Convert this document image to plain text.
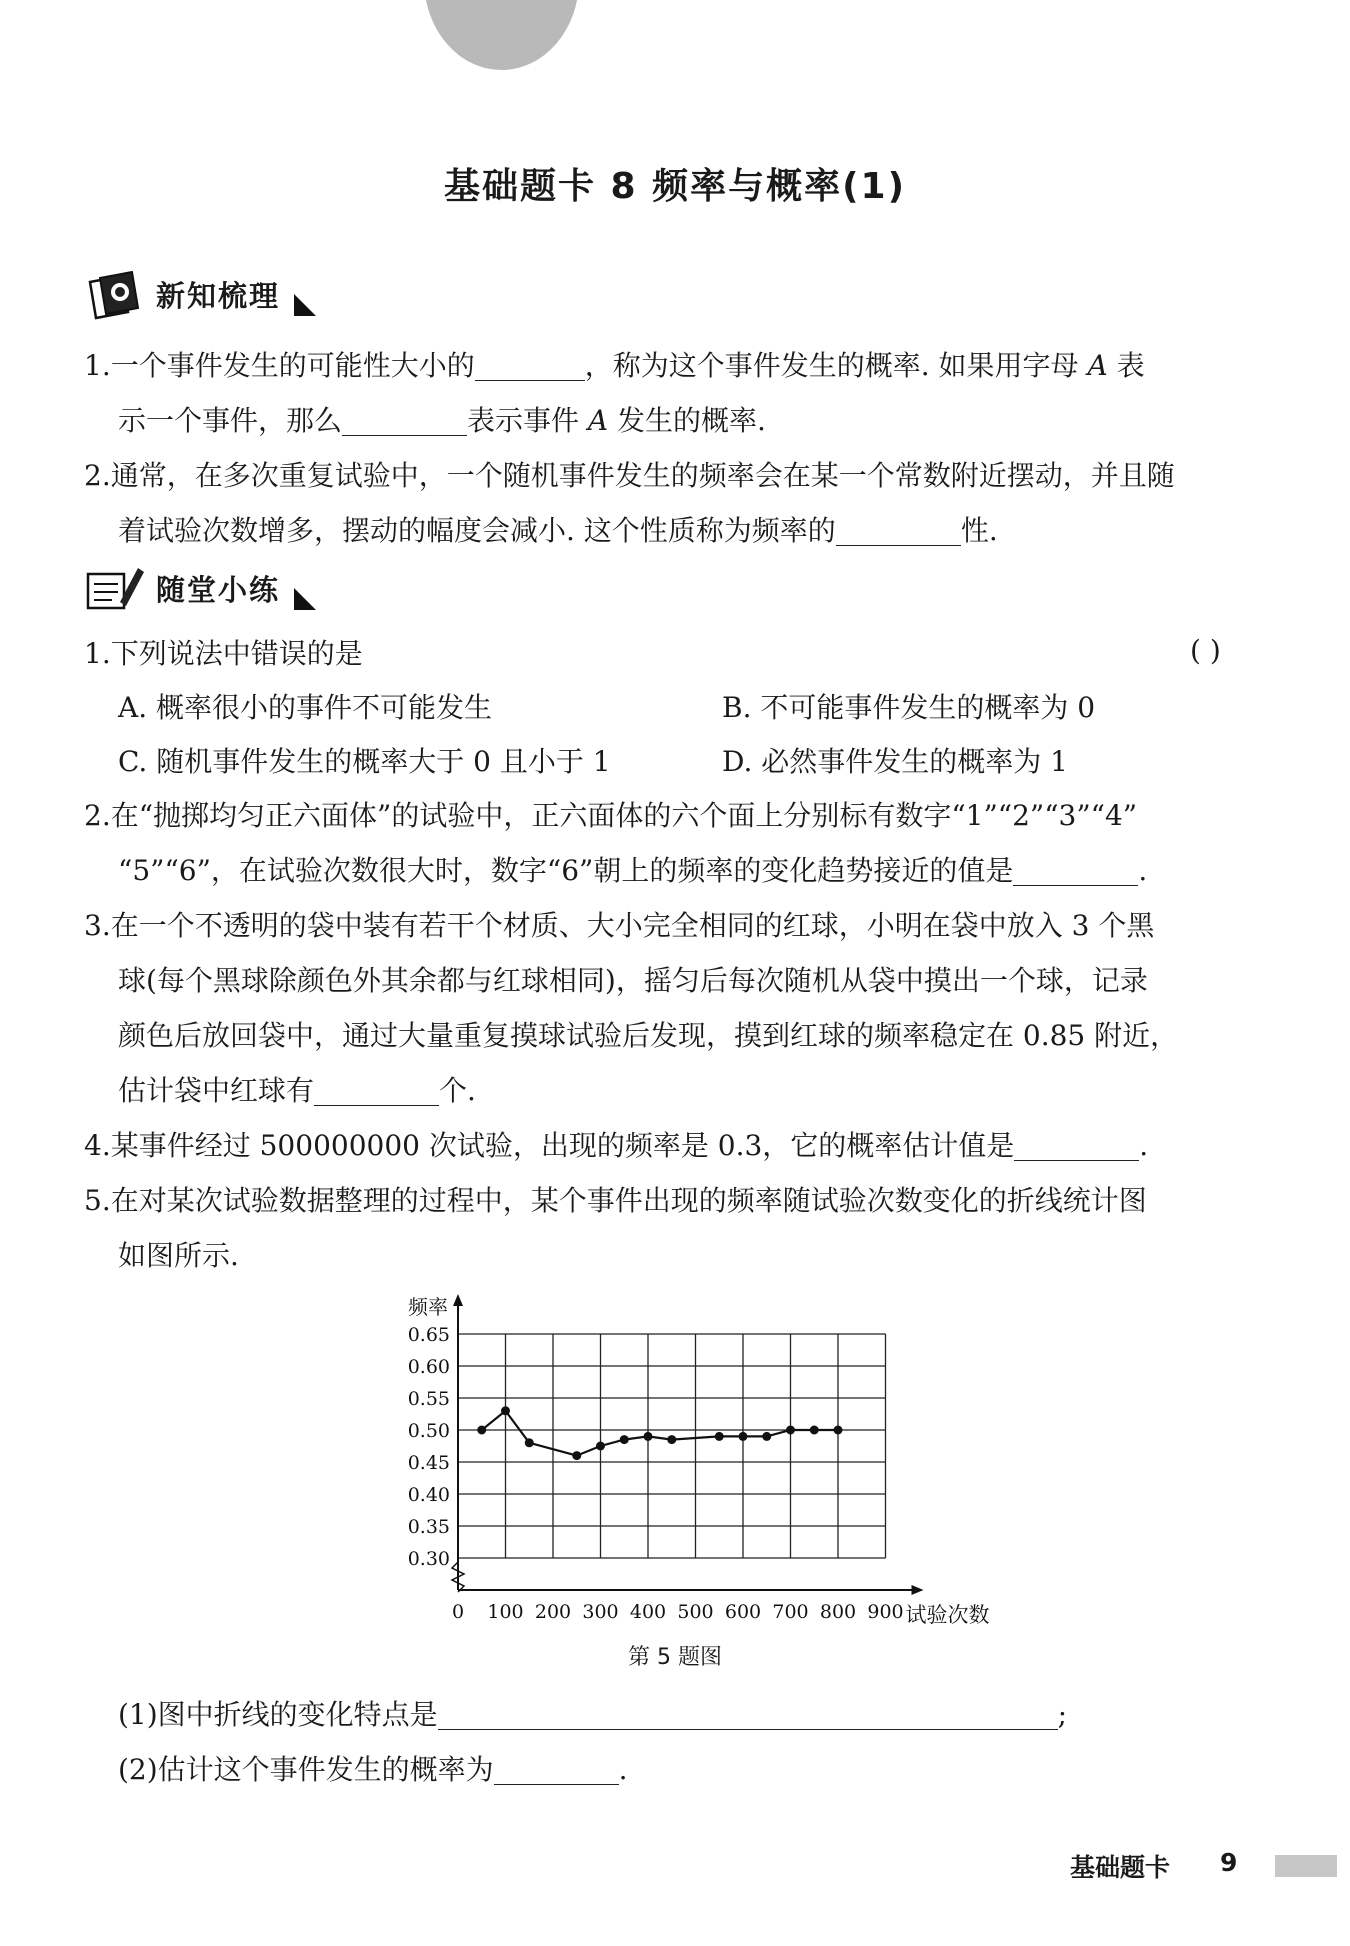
基础题卡 8 频率与概率(1)
新知梳理
1.一个事件发生的可能性大小的	，称为这个事件发生的概率. 如果用字母 A 表
示一个事件，那么	表示事件 A 发生的概率.
2.通常，在多次重复试验中，一个随机事件发生的频率会在某一个常数附近摆动，并且随
着试验次数增多，摆动的幅度会减小. 这个性质称为频率的	性.
随堂小练
1.下列说法中错误的是	( )
A. 概率很小的事件不可能发生	B. 不可能事件发生的概率为 0
C. 随机事件发生的概率大于 0 且小于 1	D. 必然事件发生的概率为 1
2.在“抛掷均匀正六面体”的试验中，正六面体的六个面上分别标有数字“1”“2”“3”“4”
“5”“6”，在试验次数很大时，数字“6”朝上的频率的变化趋势接近的值是	.
3.在一个不透明的袋中装有若干个材质、大小完全相同的红球，小明在袋中放入 3 个黑
球(每个黑球除颜色外其余都与红球相同)，摇匀后每次随机从袋中摸出一个球，记录
颜色后放回袋中，通过大量重复摸球试验后发现，摸到红球的频率稳定在 0.85 附近，
估计袋中红球有	个.
4.某事件经过 500000000 次试验，出现的频率是 0.3，它的概率估计值是	.
5.在对某次试验数据整理的过程中，某个事件出现的频率随试验次数变化的折线统计图
如图所示.
0.30
0.35
0.40
0.45
0.50
0.55
0.60
0.65
0 100 200 300 400 500 600 700 800 900
频率
试验次数
第 5 题图
(1)图中折线的变化特点是	;
(2)估计这个事件发生的概率为	.
基础题卡 9
